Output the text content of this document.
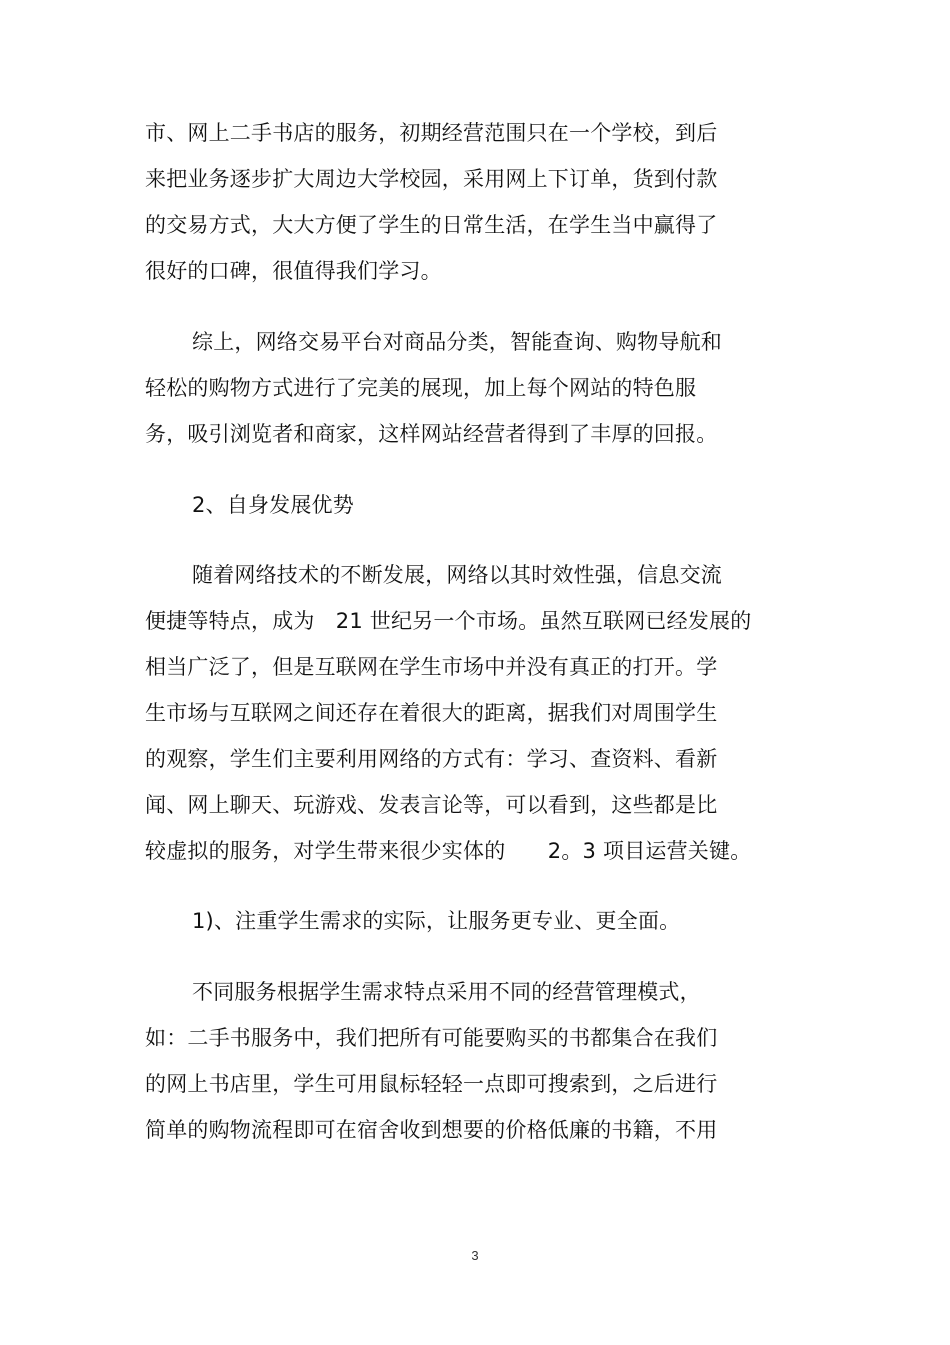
市、网上二手书店的服务，初期经营范围只在一个学校，到后
来把业务逐步扩大周边大学校园，采用网上下订单，货到付款
的交易方式，大大方便了学生的日常生活，在学生当中赢得了
很好的口碑，很值得我们学习。
综上，网络交易平台对商品分类，智能查询、购物导航和
轻松的购物方式进行了完美的展现，加上每个网站的特色服
务，吸引浏览者和商家，这样网站经营者得到了丰厚的回报。
2、自身发展优势
随着网络技术的不断发展，网络以其时效性强，信息交流
便捷等特点，成为　21 世纪另一个市场。虽然互联网已经发展的
相当广泛了，但是互联网在学生市场中并没有真正的打开。学
生市场与互联网之间还存在着很大的距离，据我们对周围学生
的观察，学生们主要利用网络的方式有：学习、查资料、看新
闻、网上聊天、玩游戏、发表言论等，可以看到，这些都是比
较虚拟的服务，对学生带来很少实体的　　2。3 项目运营关键。
1)、注重学生需求的实际，让服务更专业、更全面。
不同服务根据学生需求特点采用不同的经营管理模式，
如：二手书服务中，我们把所有可能要购买的书都集合在我们
的网上书店里，学生可用鼠标轻轻一点即可搜索到，之后进行
简单的购物流程即可在宿舍收到想要的价格低廉的书籍，不用
3
